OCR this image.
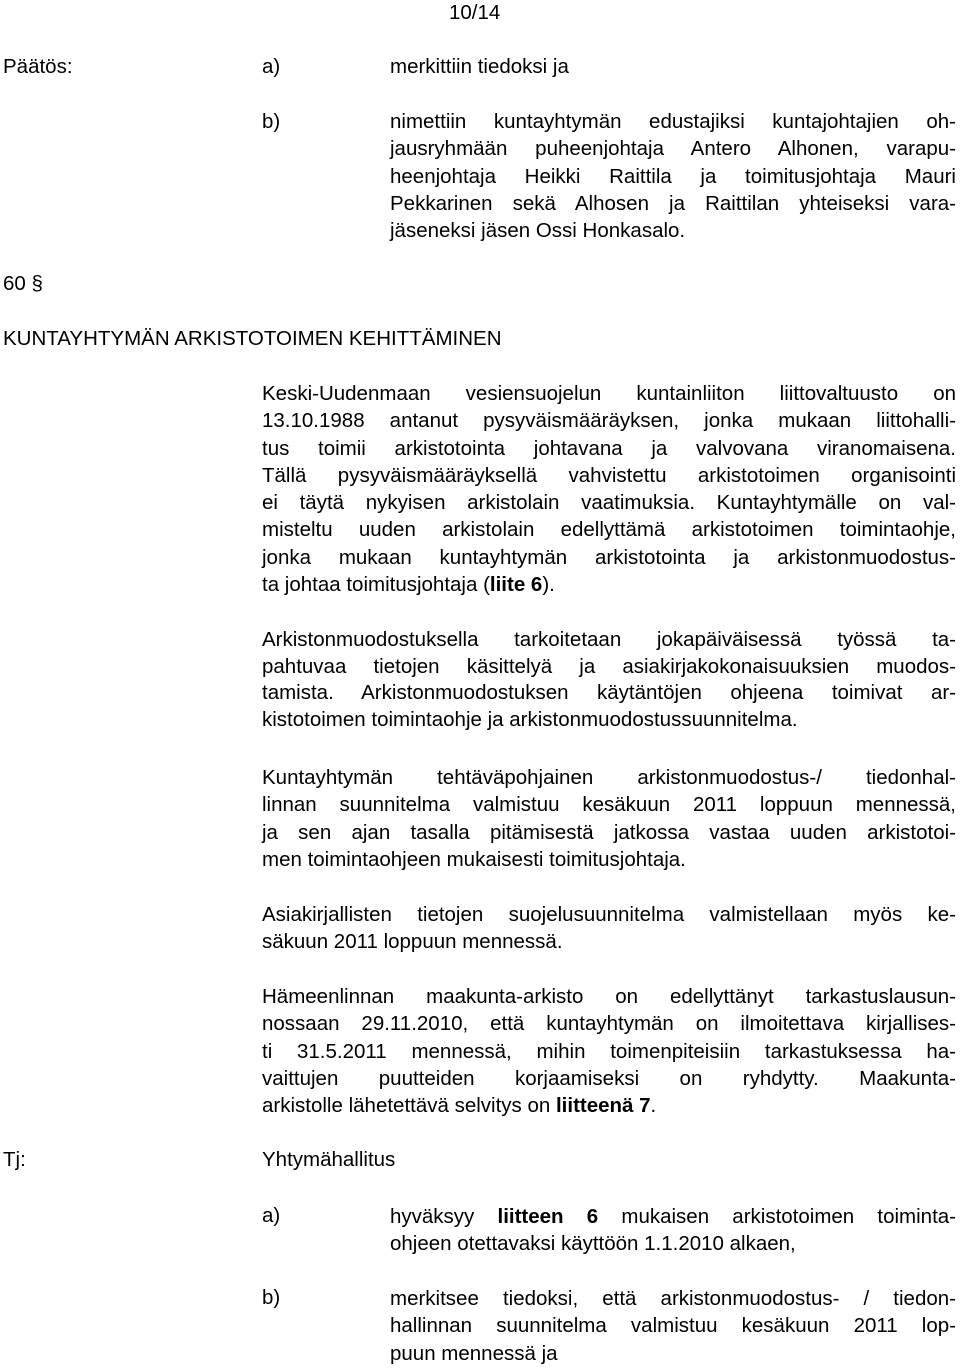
10/14
Päätös:	a)	merkittiin tiedoksi ja
b)	nimettiin kuntayhtymän edustajiksi kuntajohtajien oh-
jausryhmään puheenjohtaja Antero Alhonen, varapu-
heenjohtaja Heikki Raittila ja toimitusjohtaja Mauri
Pekkarinen sekä Alhosen ja Raittilan yhteiseksi vara-
jäseneksi jäsen Ossi Honkasalo.
60 §
KUNTAYHTYMÄN ARKISTOTOIMEN KEHITTÄMINEN
Keski-Uudenmaan vesiensuojelun kuntainliiton liittovaltuusto on
13.10.1988 antanut pysyväismääräyksen, jonka mukaan liittohalli-
tus toimii arkistotointa johtavana ja valvovana viranomaisena.
Tällä pysyväismääräyksellä vahvistettu arkistotoimen organisointi
ei täytä nykyisen arkistolain vaatimuksia. Kuntayhtymälle on val-
misteltu uuden arkistolain edellyttämä arkistotoimen toimintaohje,
jonka mukaan kuntayhtymän arkistotointa ja arkistonmuodostus-
ta johtaa toimitusjohtaja (liite 6).
Arkistonmuodostuksella tarkoitetaan jokapäiväisessä työssä ta-
pahtuvaa tietojen käsittelyä ja asiakirjakokonaisuuksien muodos-
tamista. Arkistonmuodostuksen käytäntöjen ohjeena toimivat ar-
kistotoimen toimintaohje ja arkistonmuodostussuunnitelma.
Kuntayhtymän tehtäväpohjainen arkistonmuodostus-/ tiedonhal-
linnan suunnitelma valmistuu kesäkuun 2011 loppuun mennessä,
ja sen ajan tasalla pitämisestä jatkossa vastaa uuden arkistotoi-
men toimintaohjeen mukaisesti toimitusjohtaja.
Asiakirjallisten tietojen suojelusuunnitelma valmistellaan myös ke-
säkuun 2011 loppuun mennessä.
Hämeenlinnan maakunta-arkisto on edellyttänyt tarkastuslausun-
nossaan 29.11.2010, että kuntayhtymän on ilmoitettava kirjallises-
ti 31.5.2011 mennessä, mihin toimenpiteisiin tarkastuksessa ha-
vaittujen puutteiden korjaamiseksi on ryhdytty. Maakunta-
arkistolle lähetettävä selvitys on liitteenä 7.
Tj:	Yhtymähallitus
a)	hyväksyy liitteen 6 mukaisen arkistotoimen toiminta-
ohjeen otettavaksi käyttöön 1.1.2010 alkaen,
b)	merkitsee tiedoksi, että arkistonmuodostus- / tiedon-
hallinnan suunnitelma valmistuu kesäkuun 2011 lop-
puun mennessä ja
